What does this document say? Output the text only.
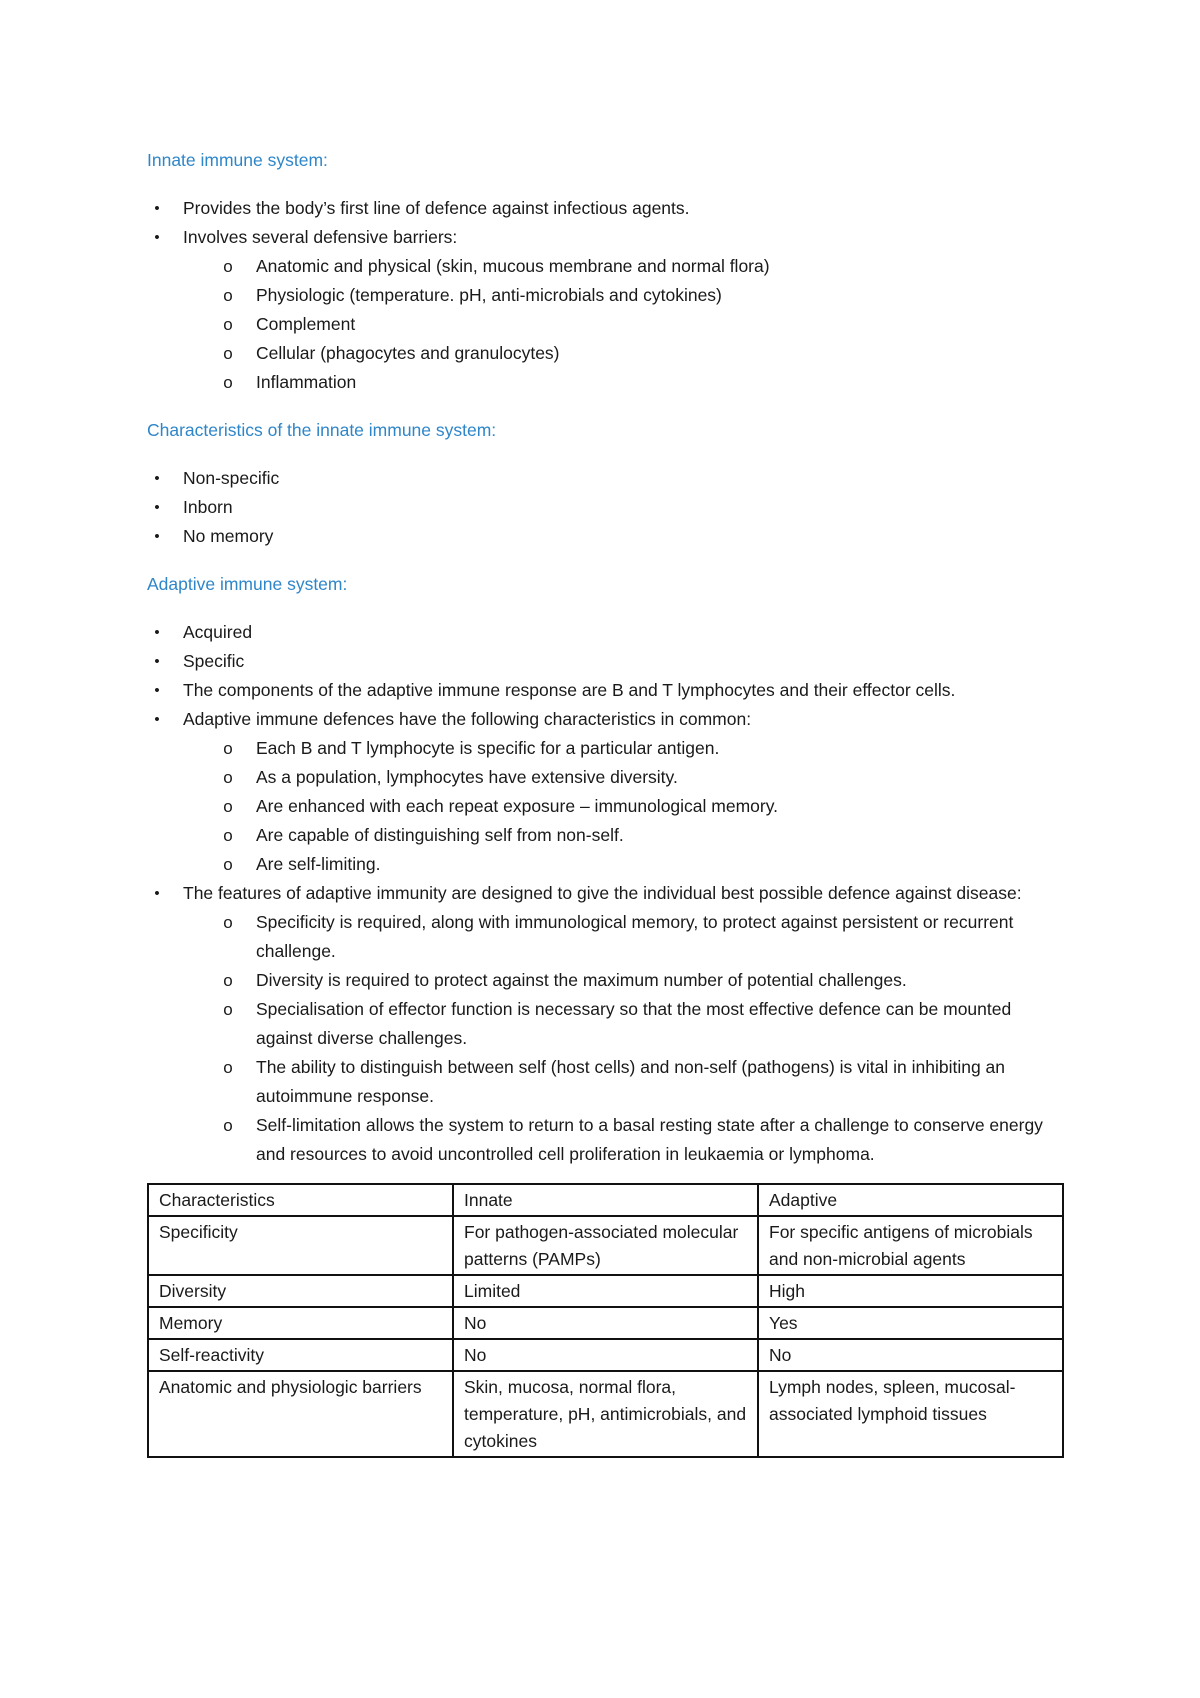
Innate immune system:
•	Provides the body’s first line of defence against infectious agents.
•	Involves several defensive barriers:
o	Anatomic and physical (skin, mucous membrane and normal flora)
o	Physiologic (temperature. pH, anti-microbials and cytokines)
o	Complement
o	Cellular (phagocytes and granulocytes)
o	Inflammation
Characteristics of the innate immune system:
•	Non-specific
•	Inborn
•	No memory
Adaptive immune system:
•	Acquired
•	Specific
•	The components of the adaptive immune response are B and T lymphocytes and their effector cells.
•	Adaptive immune defences have the following characteristics in common:
o	Each B and T lymphocyte is specific for a particular antigen.
o	As a population, lymphocytes have extensive diversity.
o	Are enhanced with each repeat exposure – immunological memory.
o	Are capable of distinguishing self from non-self.
o	Are self-limiting.
•	The features of adaptive immunity are designed to give the individual best possible defence against disease:
o	Specificity is required, along with immunological memory, to protect against persistent or recurrent challenge.
o	Diversity is required to protect against the maximum number of potential challenges.
o	Specialisation of effector function is necessary so that the most effective defence can be mounted against diverse challenges.
o	The ability to distinguish between self (host cells) and non-self (pathogens) is vital in inhibiting an autoimmune response.
o	Self-limitation allows the system to return to a basal resting state after a challenge to conserve energy and resources to avoid uncontrolled cell proliferation in leukaemia or lymphoma.
Characteristics	Innate	Adaptive
Specificity	For pathogen-associated molecular patterns (PAMPs)	For specific antigens of microbials and non-microbial agents
Diversity	Limited	High
Memory	No	Yes
Self-reactivity	No	No
Anatomic and physiologic barriers	Skin, mucosa, normal flora, temperature, pH, antimicrobials, and cytokines	Lymph nodes, spleen, mucosal-associated lymphoid tissues
